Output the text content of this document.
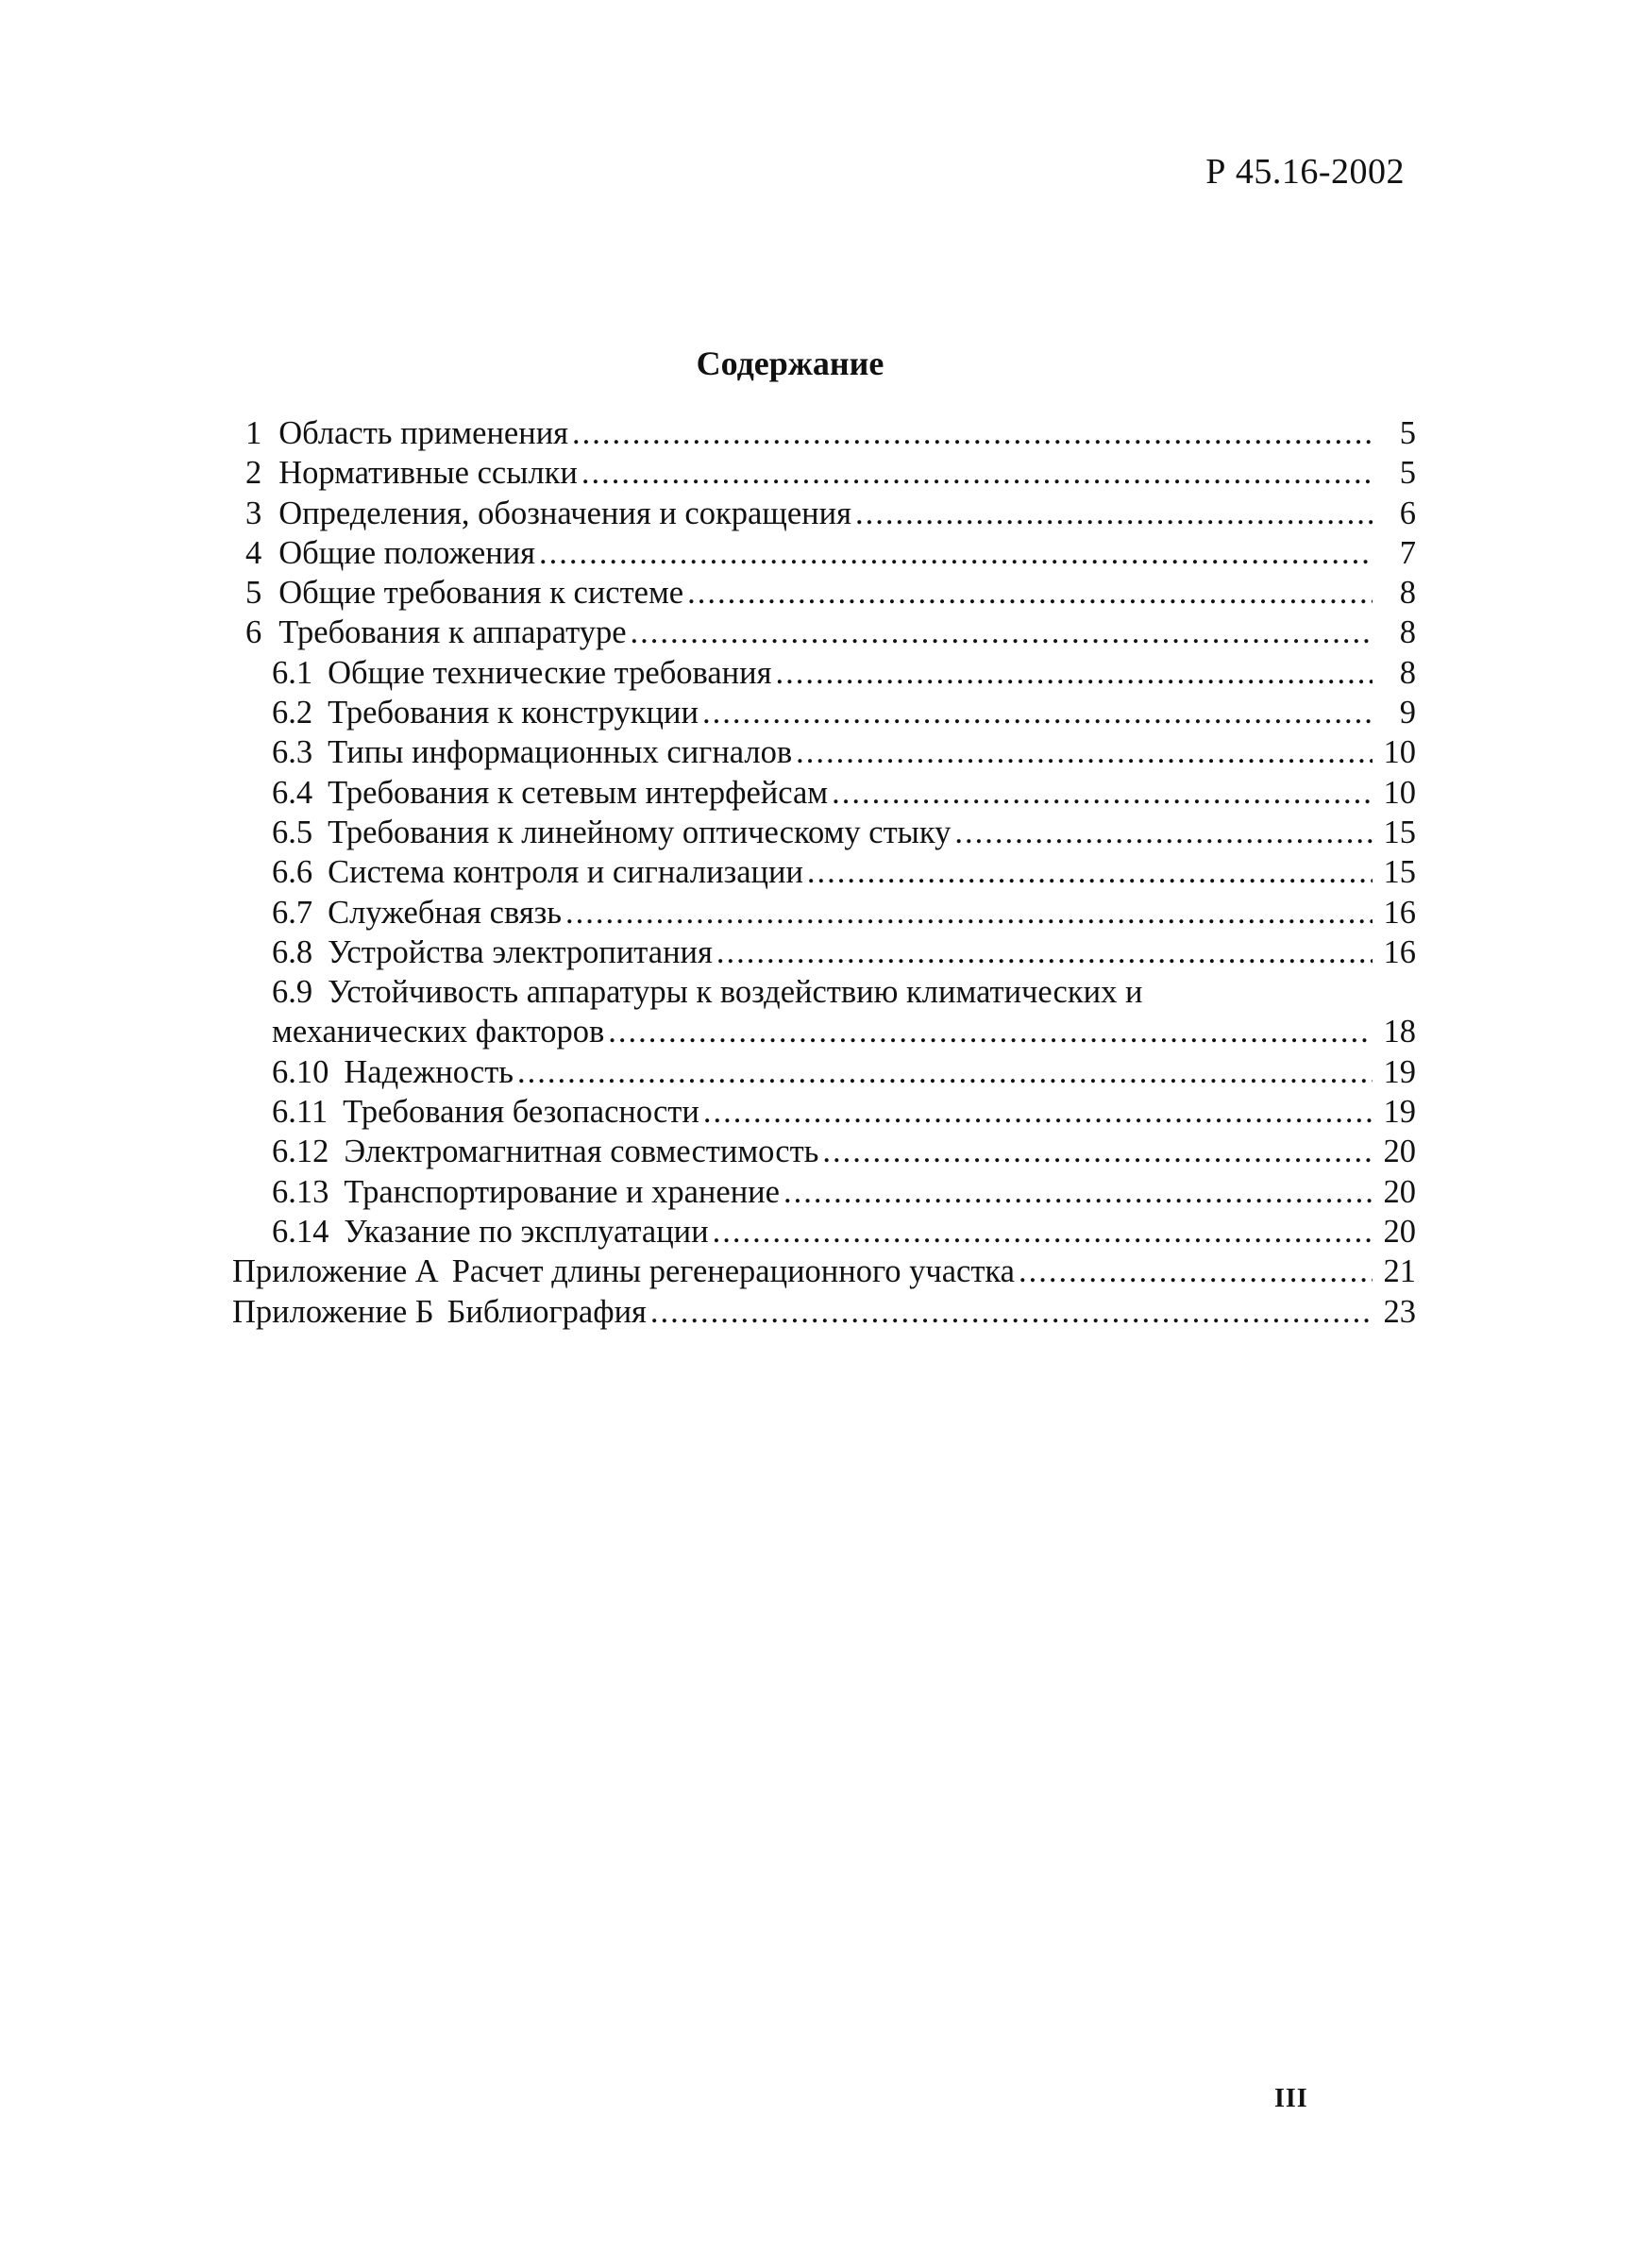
Р 45.16-2002
Содержание
1 Область применения .....	5
2 Нормативные ссылки .....	5
3 Определения, обозначения и сокращения .....	6
4 Общие положения .....	7
5 Общие требования к системе .....	8
6 Требования к аппаратуре .....	8
6.1 Общие технические требования .....	8
6.2 Требования к конструкции .....	9
6.3 Типы информационных сигналов .....	10
6.4 Требования к сетевым интерфейсам .....	10
6.5 Требования к линейному оптическому стыку .....	15
6.6 Система контроля и сигнализации .....	15
6.7 Служебная связь .....	16
6.8 Устройства электропитания .....	16
6.9 Устойчивость аппаратуры к воздействию климатических и
механических факторов .....	18
6.10 Надежность .....	19
6.11 Требования безопасности .....	19
6.12 Электромагнитная совместимость .....	20
6.13 Транспортирование и хранение .....	20
6.14 Указание по эксплуатации .....	20
Приложение А Расчет длины регенерационного участка .....	21
Приложение Б Библиография .....	23
III
